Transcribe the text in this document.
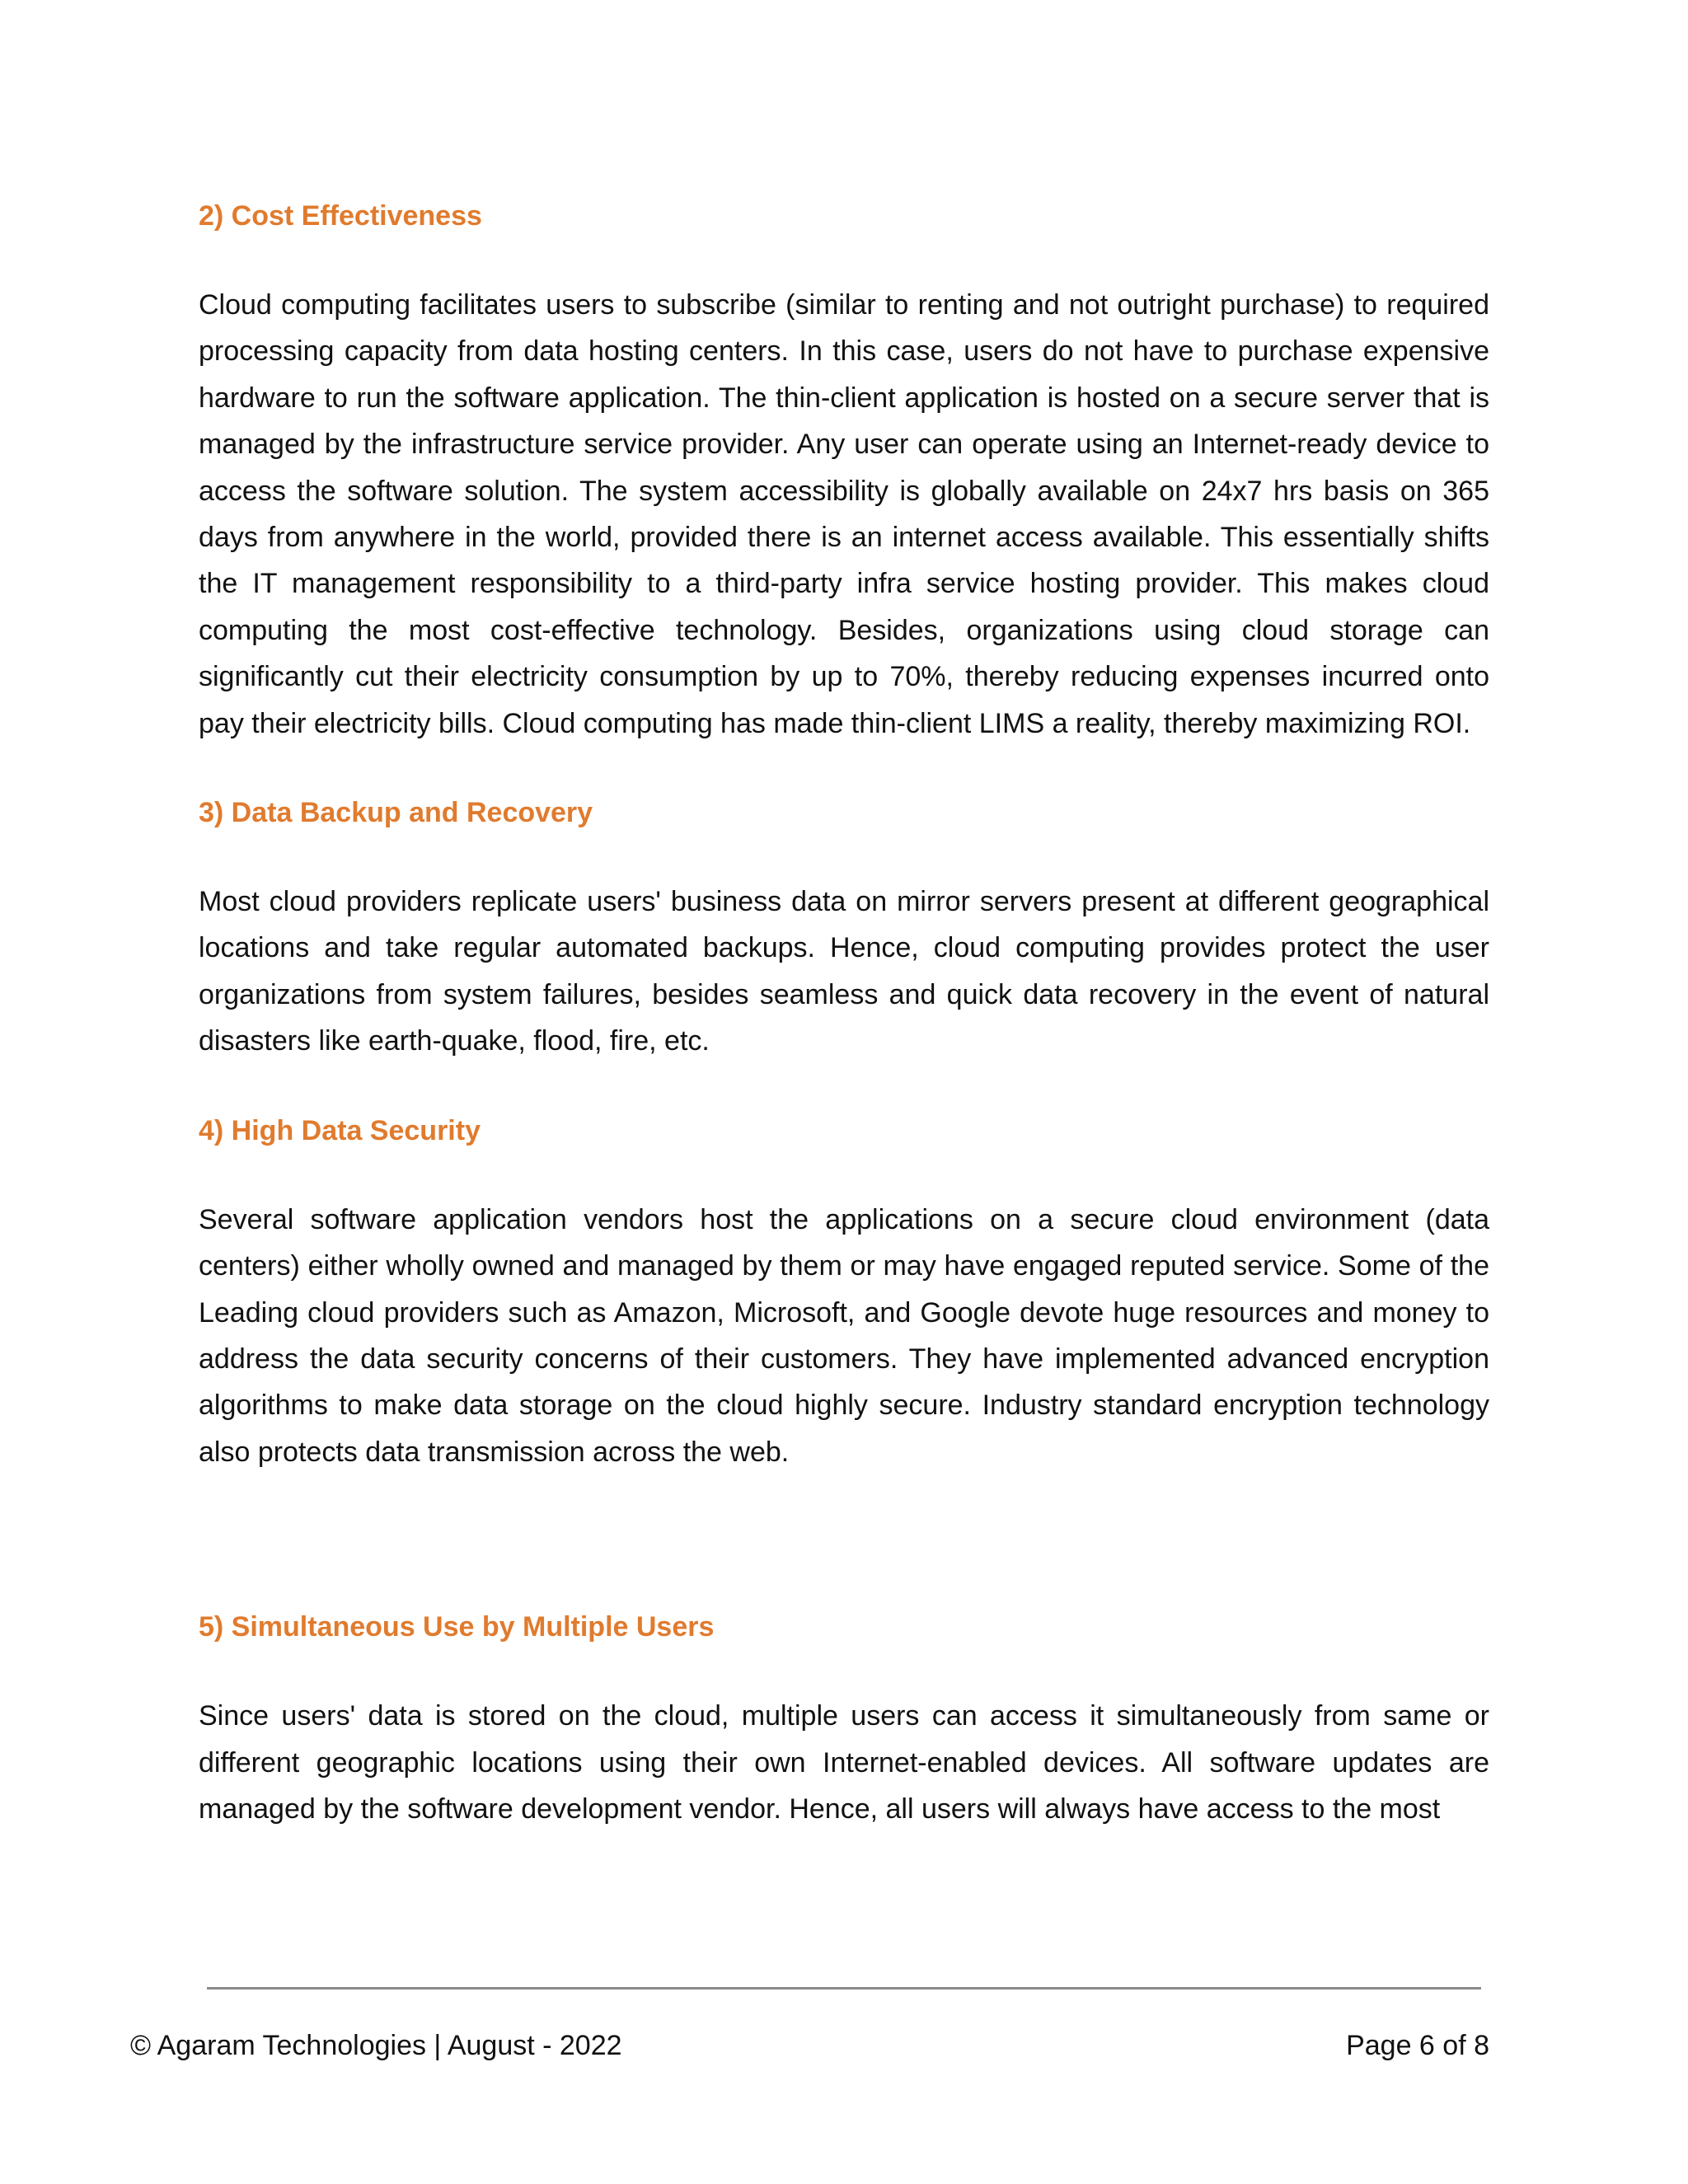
2) Cost Effectiveness

Cloud computing facilitates users to subscribe (similar to renting and not outright purchase) to required processing capacity from data hosting centers. In this case, users do not have to purchase expensive hardware to run the software application. The thin-client application is hosted on a secure server that is managed by the infrastructure service provider. Any user can operate using an Internet-ready device to access the software solution. The system accessibility is globally available on 24x7 hrs basis on 365 days from anywhere in the world, provided there is an internet access available. This essentially shifts the IT management responsibility to a third-party infra service hosting provider. This makes cloud computing the most cost-effective technology. Besides, organizations using cloud storage can significantly cut their electricity consumption by up to 70%, thereby reducing expenses incurred onto pay their electricity bills. Cloud computing has made thin-client LIMS a reality, thereby maximizing ROI.

3) Data Backup and Recovery

Most cloud providers replicate users' business data on mirror servers present at different geographical locations and take regular automated backups. Hence, cloud computing provides protect the user organizations from system failures, besides seamless and quick data recovery in the event of natural disasters like earth-quake, flood, fire, etc.

4) High Data Security

Several software application vendors host the applications on a secure cloud environment (data centers) either wholly owned and managed by them or may have engaged reputed service. Some of the Leading cloud providers such as Amazon, Microsoft, and Google devote huge resources and money to address the data security concerns of their customers. They have implemented advanced encryption algorithms to make data storage on the cloud highly secure. Industry standard encryption technology also protects data transmission across the web.

5) Simultaneous Use by Multiple Users

Since users' data is stored on the cloud, multiple users can access it simultaneously from same or different geographic locations using their own Internet-enabled devices. All software updates are managed by the software development vendor. Hence, all users will always have access to the most

© Agaram Technologies | August - 2022	Page 6 of 8
